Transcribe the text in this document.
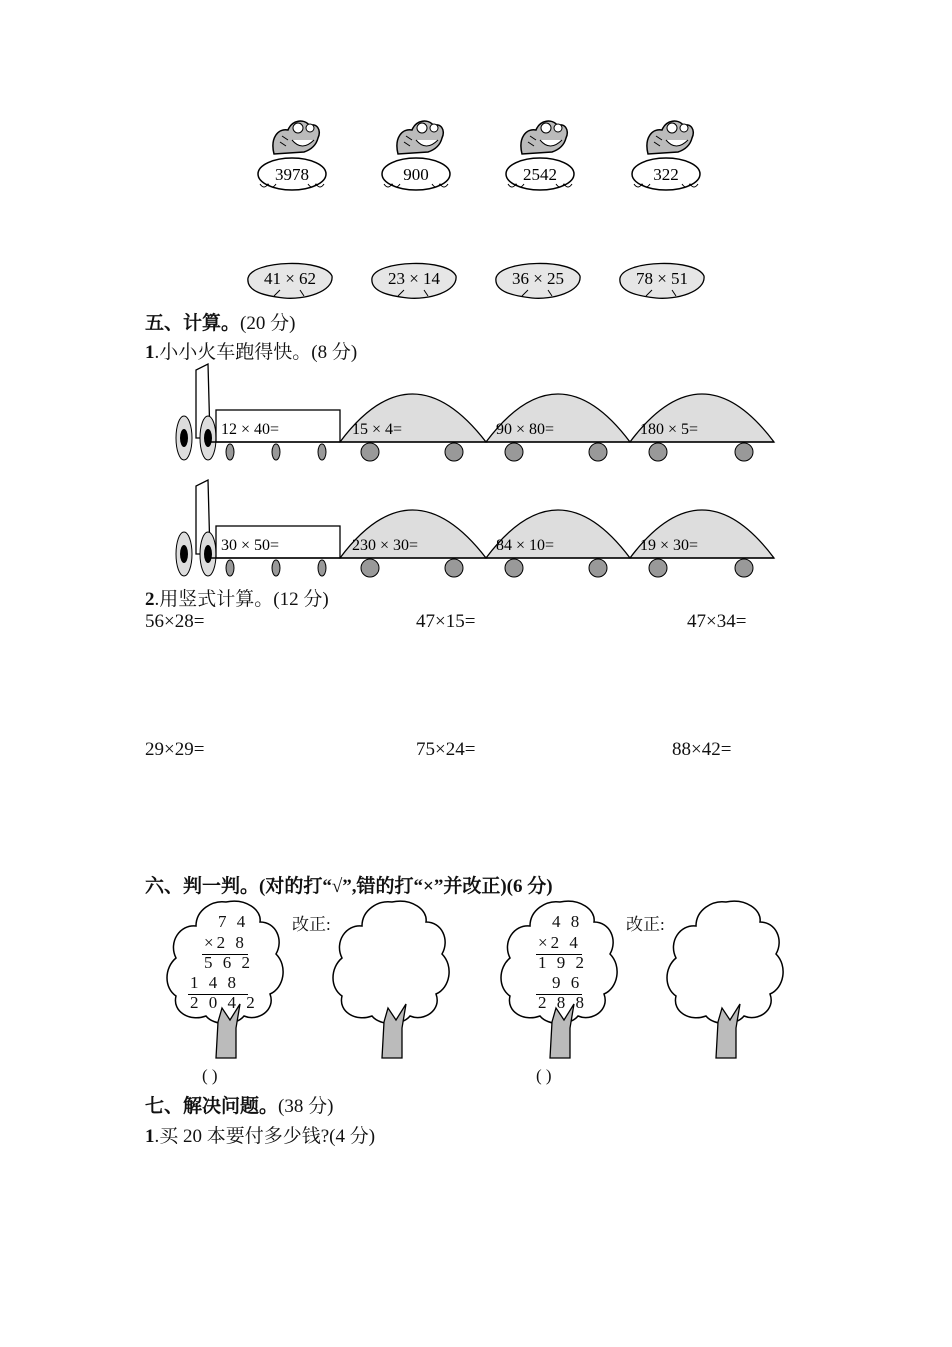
3978	900	2542	322
41 × 62	23 × 14	36 × 25	78 × 51
五、计算。(20 分)
1.小小火车跑得快。(8 分)
12 × 40=	15 × 4=	90 × 80=	180 × 5=
30 × 50=	230 × 30=	84 × 10=	19 × 30=
2.用竖式计算。(12 分)
56×28=	47×15=	47×34=
29×29=	75×24=	88×42=
六、判一判。(对的打“√”,错的打“×”并改正)(6 分)
7 4
×2 8
5 6 2
1 4 8
2 0 4 2
( )
改正:	4 8
×2 4
1 9 2
9 6
2 8 8
( )
改正:
七、解决问题。(38 分)
1.买 20 本要付多少钱?(4 分)
